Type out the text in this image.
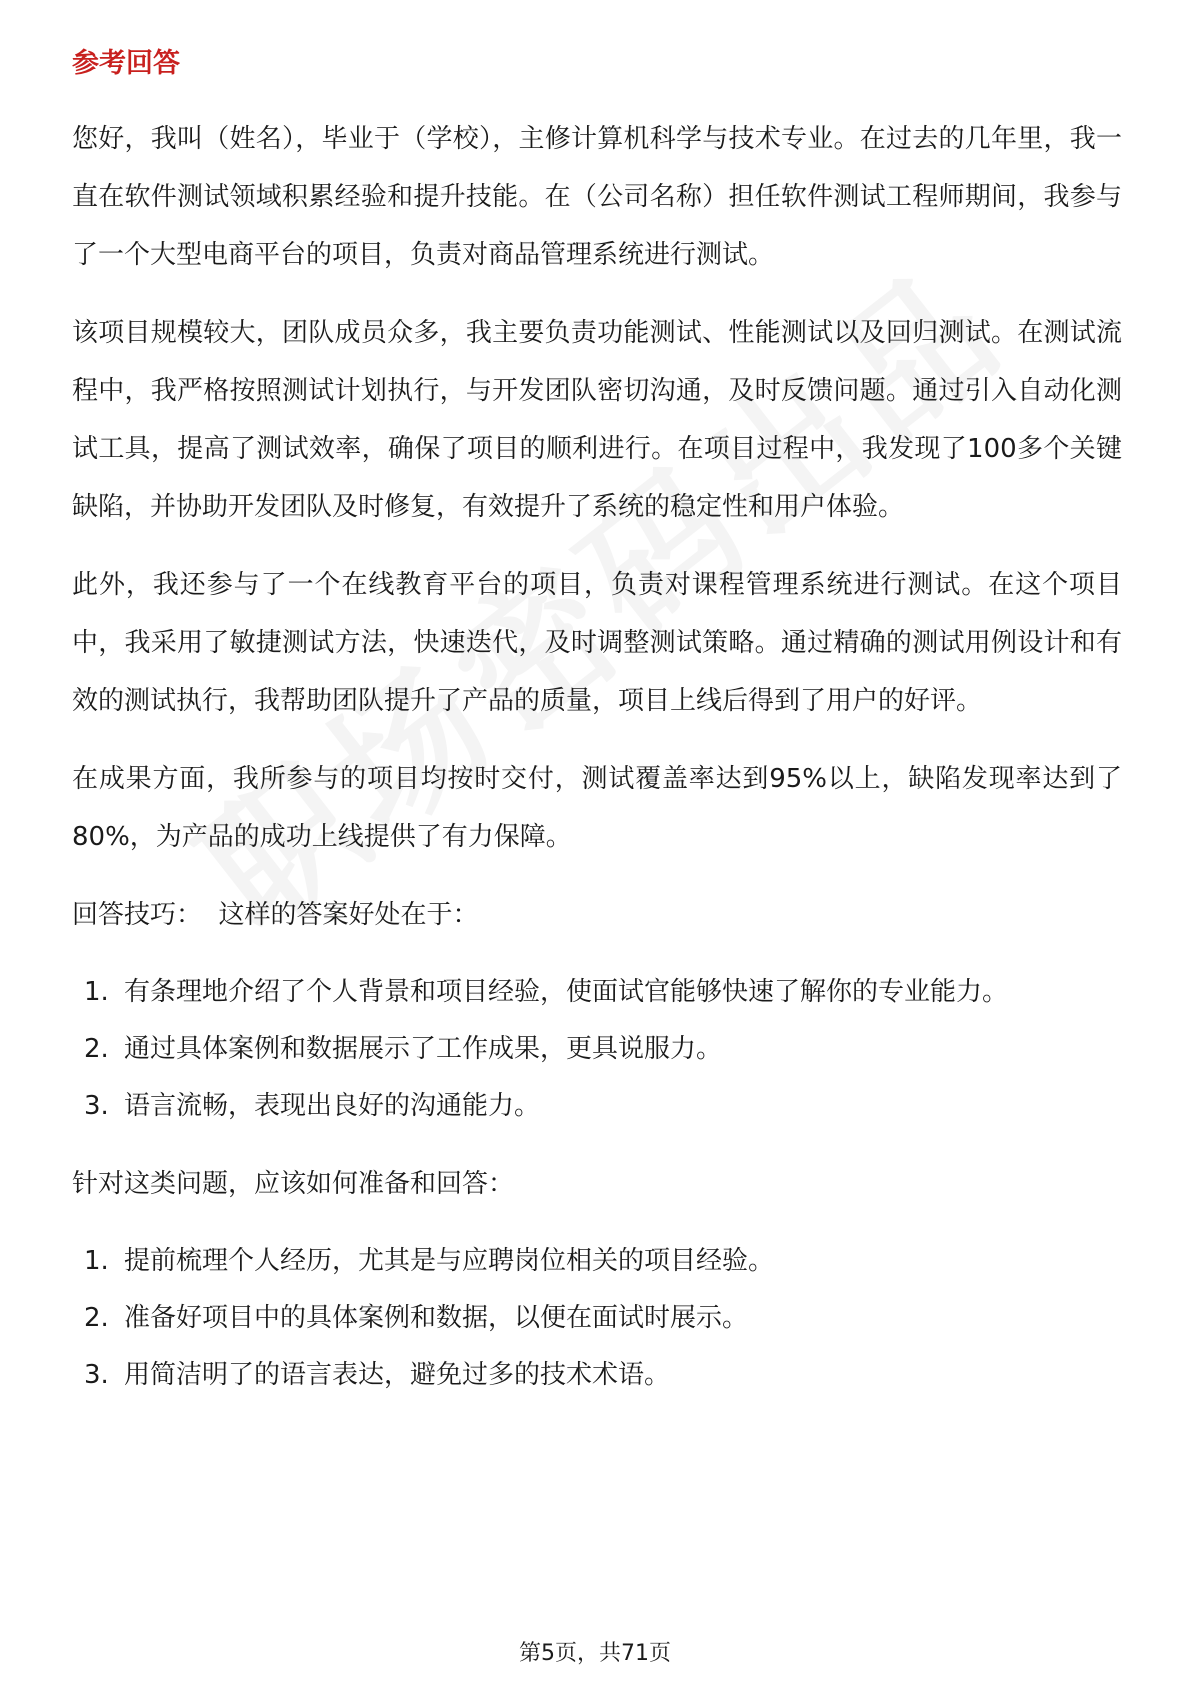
参考回答

您好，我叫（姓名），毕业于（学校），主修计算机科学与技术专业。在过去的几年里，我一直在软件测试领域积累经验和提升技能。在（公司名称）担任软件测试工程师期间，我参与了一个大型电商平台的项目，负责对商品管理系统进行测试。

该项目规模较大，团队成员众多，我主要负责功能测试、性能测试以及回归测试。在测试流程中，我严格按照测试计划执行，与开发团队密切沟通，及时反馈问题。通过引入自动化测试工具，提高了测试效率，确保了项目的顺利进行。在项目过程中，我发现了100多个关键缺陷，并协助开发团队及时修复，有效提升了系统的稳定性和用户体验。

此外，我还参与了一个在线教育平台的项目，负责对课程管理系统进行测试。在这个项目中，我采用了敏捷测试方法，快速迭代，及时调整测试策略。通过精确的测试用例设计和有效的测试执行，我帮助团队提升了产品的质量，项目上线后得到了用户的好评。

在成果方面，我所参与的项目均按时交付，测试覆盖率达到95%以上，缺陷发现率达到了80%，为产品的成功上线提供了有力保障。

回答技巧：  这样的答案好处在于：

1. 有条理地介绍了个人背景和项目经验，使面试官能够快速了解你的专业能力。
2. 通过具体案例和数据展示了工作成果，更具说服力。
3. 语言流畅，表现出良好的沟通能力。

针对这类问题，应该如何准备和回答：

1. 提前梳理个人经历，尤其是与应聘岗位相关的项目经验。
2. 准备好项目中的具体案例和数据，以便在面试时展示。
3. 用简洁明了的语言表达，避免过多的技术术语。
第5页，共71页
